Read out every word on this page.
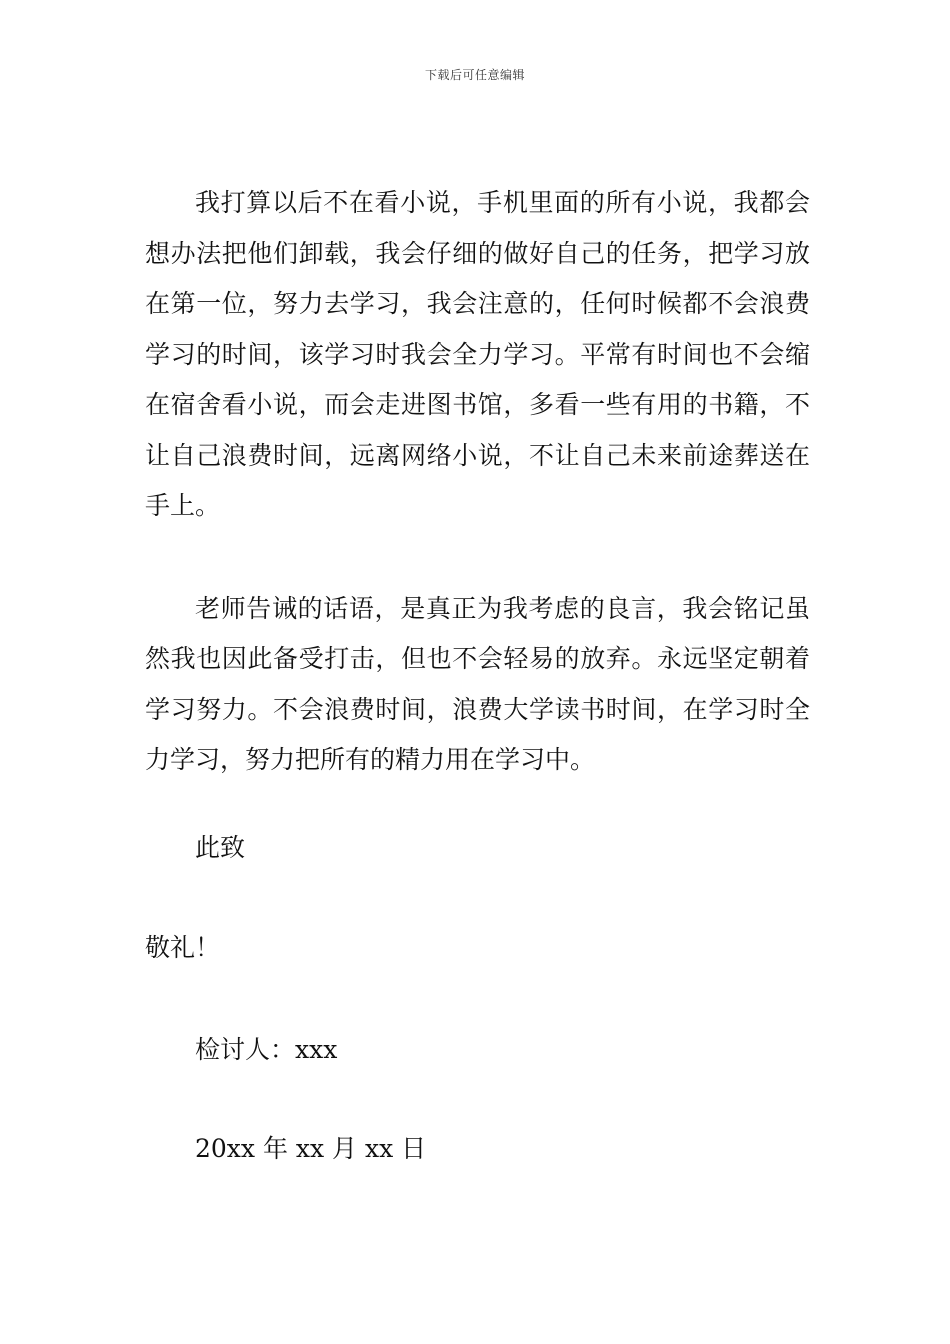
下载后可任意编辑

我打算以后不在看小说，手机里面的所有小说，我都会想办法把他们卸载，我会仔细的做好自己的任务，把学习放在第一位，努力去学习，我会注意的，任何时候都不会浪费学习的时间，该学习时我会全力学习。平常有时间也不会缩在宿舍看小说，而会走进图书馆，多看一些有用的书籍，不让自己浪费时间，远离网络小说，不让自己未来前途葬送在手上。

老师告诫的话语，是真正为我考虑的良言，我会铭记虽然我也因此备受打击，但也不会轻易的放弃。永远坚定朝着学习努力。不会浪费时间，浪费大学读书时间，在学习时全力学习，努力把所有的精力用在学习中。

此致

敬礼！

检讨人：xxx

20xx 年 xx 月 xx 日
